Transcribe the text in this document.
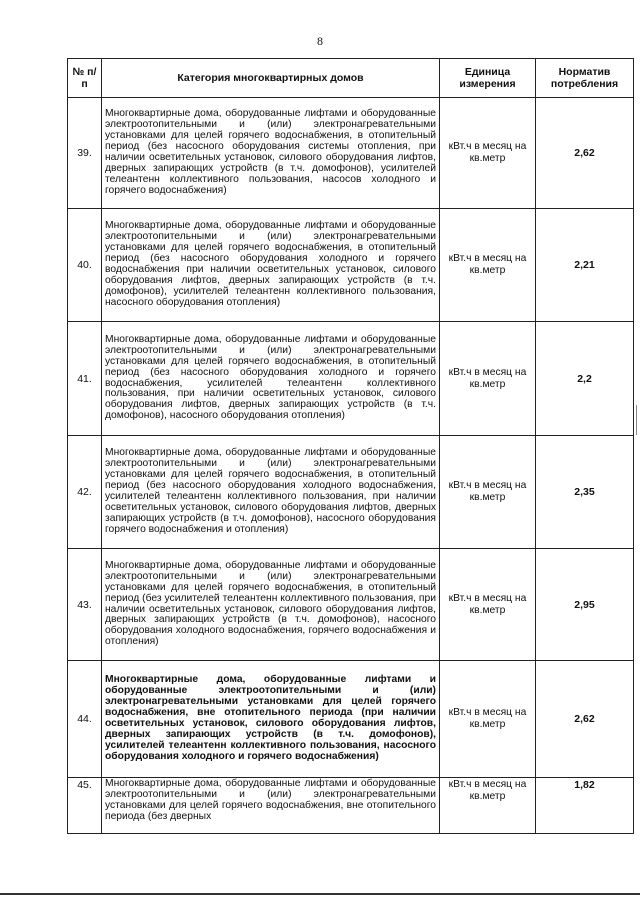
8
№ п/п	Категория многоквартирных домов	Единица измерения	Норматив потребления
39.	Многоквартирные дома, оборудованные лифтами и оборудованные электроотопительными и (или) электронагревательными установками для целей горячего водоснабжения, в отопительный период (без насосного оборудования системы отопления, при наличии осветительных установок, силового оборудования лифтов, дверных запирающих устройств (в т.ч. домофонов), усилителей телеантенн коллективного пользования, насосов холодного и горячего водоснабжения)	кВт.ч в месяц на кв.метр	2,62
40.	Многоквартирные дома, оборудованные лифтами и оборудованные электроотопительными и (или) электронагревательными установками для целей горячего водоснабжения, в отопительный период (без насосного оборудования холодного и горячего водоснабжения при наличии осветительных установок, силового оборудования лифтов, дверных запирающих устройств (в т.ч. домофонов), усилителей телеантенн коллективного пользования, насосного оборудования отопления)	кВт.ч в месяц на кв.метр	2,21
41.	Многоквартирные дома, оборудованные лифтами и оборудованные электроотопительными и (или) электронагревательными установками для целей горячего водоснабжения, в отопительный период (без насосного оборудования холодного и горячего водоснабжения, усилителей телеантенн коллективного пользования, при наличии осветительных установок, силового оборудования лифтов, дверных запирающих устройств (в т.ч. домофонов), насосного оборудования отопления)	кВт.ч в месяц на кв.метр	2,2
42.	Многоквартирные дома, оборудованные лифтами и оборудованные электроотопительными и (или) электронагревательными установками для целей горячего водоснабжения, в отопительный период (без насосного оборудования холодного водоснабжения, усилителей телеантенн коллективного пользования, при наличии осветительных установок, силового оборудования лифтов, дверных запирающих устройств (в т.ч. домофонов), насосного оборудования горячего водоснабжения и отопления)	кВт.ч в месяц на кв.метр	2,35
43.	Многоквартирные дома, оборудованные лифтами и оборудованные электроотопительными и (или) электронагревательными установками для целей горячего водоснабжения, в отопительный период (без усилителей телеантенн коллективного пользования, при наличии осветительных установок, силового оборудования лифтов, дверных запирающих устройств (в т.ч. домофонов), насосного оборудования холодного водоснабжения, горячего водоснабжения и отопления)	кВт.ч в месяц на кв.метр	2,95
44.	Многоквартирные дома, оборудованные лифтами и оборудованные электроотопительными и (или) электронагревательными установками для целей горячего водоснабжения, вне отопительного периода (при наличии осветительных установок, силового оборудования лифтов, дверных запирающих устройств (в т.ч. домофонов), усилителей телеантенн коллективного пользования, насосного оборудования холодного и горячего водоснабжения)	кВт.ч в месяц на кв.метр	2,62
45.	Многоквартирные дома, оборудованные лифтами и оборудованные электроотопительными и (или) электронагревательными установками для целей горячего водоснабжения, вне отопительного периода (без дверных	кВт.ч в месяц на кв.метр	1,82
